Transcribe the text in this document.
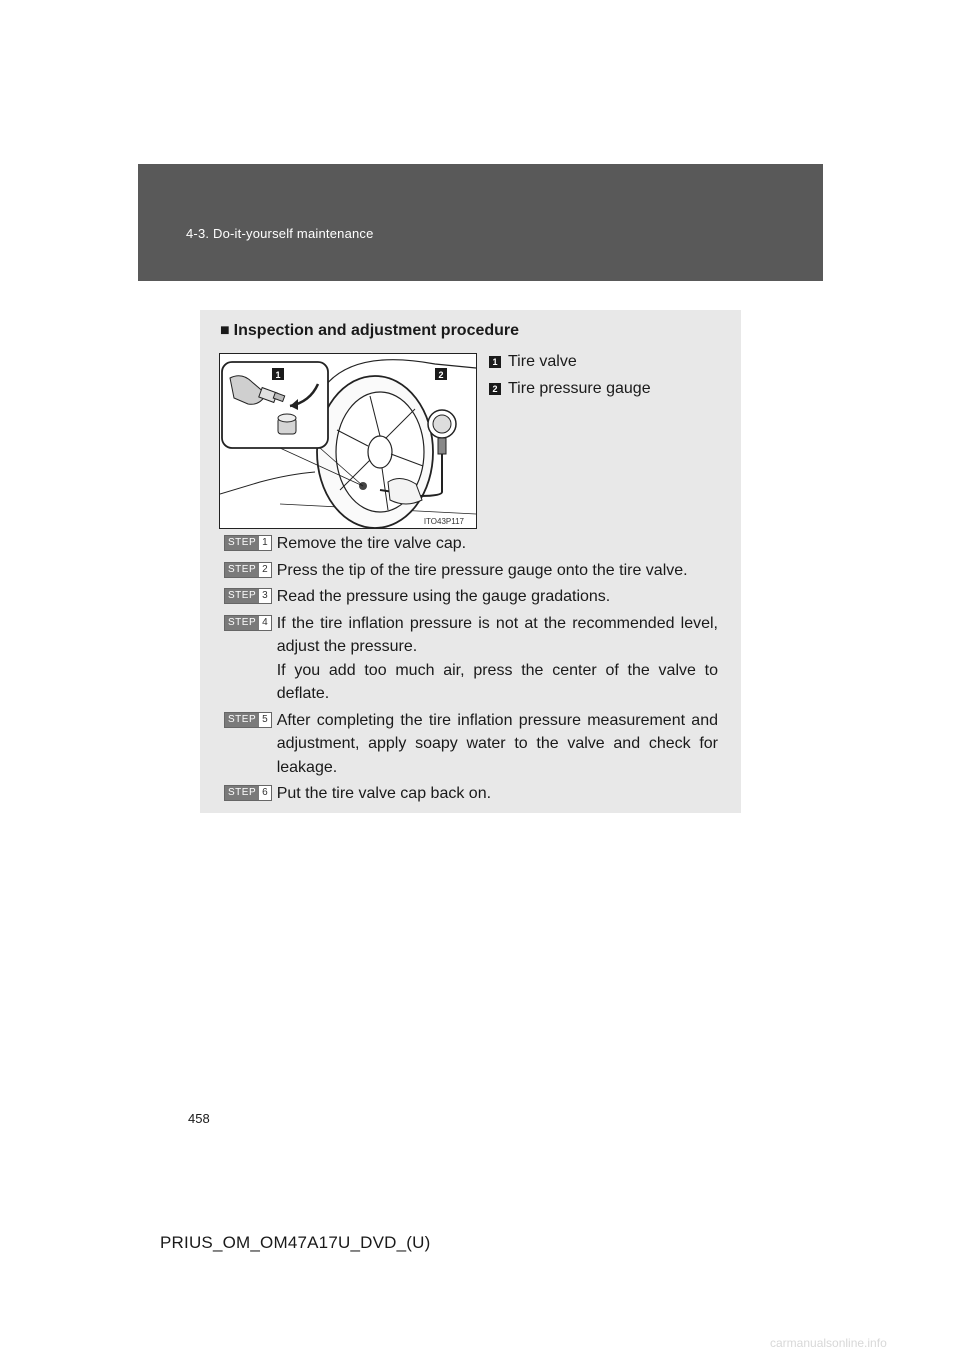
4-3. Do-it-yourself maintenance
■ Inspection and adjustment procedure
1	2
ITO43P117
1 Tire valve
2 Tire pressure gauge
STEP 1 Remove the tire valve cap.

STEP 2 Press the tip of the tire pressure gauge onto the tire valve.

STEP 3 Read the pressure using the gauge gradations.

STEP 4 If the tire inflation pressure is not at the recommended level, adjust the pressure.

If you add too much air, press the center of the valve to deflate.

STEP 5 After completing the tire inflation pressure measurement and adjustment, apply soapy water to the valve and check for leakage.

STEP 6 Put the tire valve cap back on.

458
PRIUS_OM_OM47A17U_DVD_(U)
carmanualsonline.info
